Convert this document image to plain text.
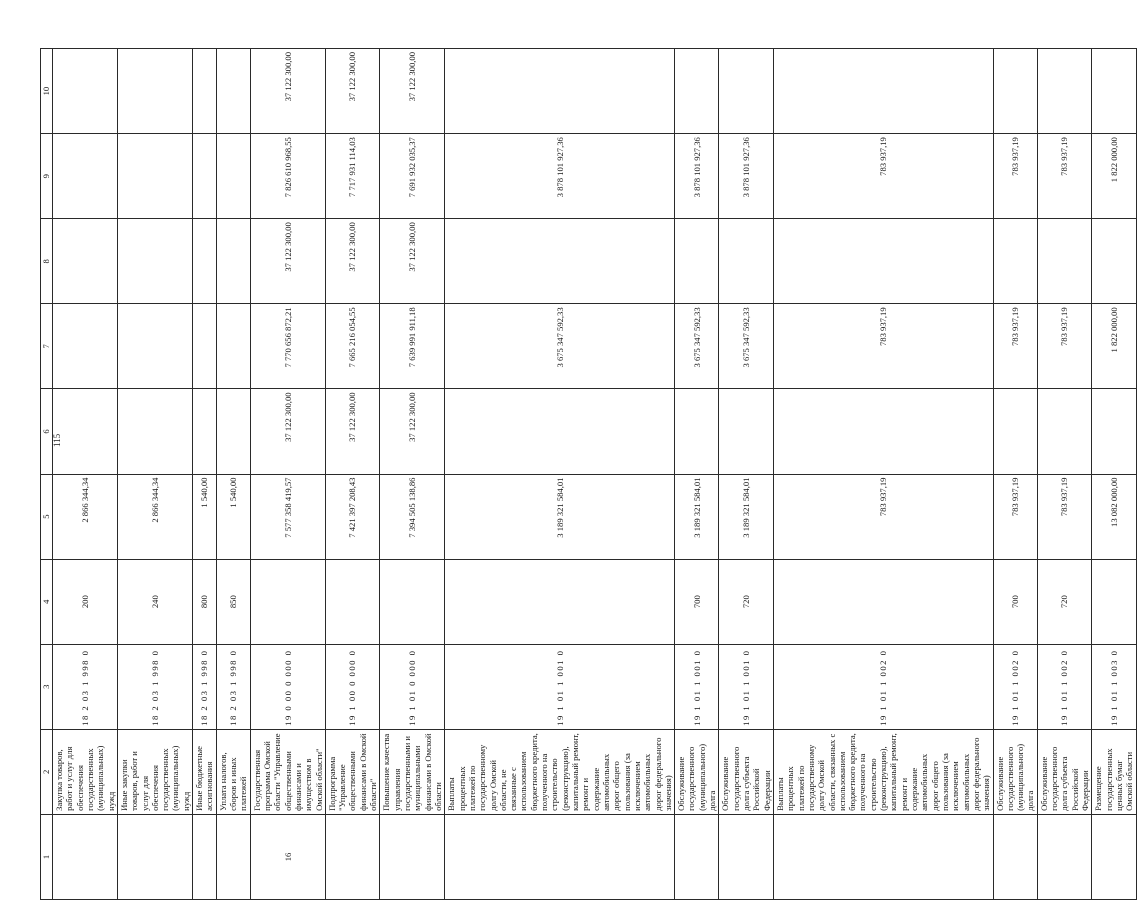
115
1	2	3	4	5	6	7	8	9	10
	Закупка товаров, работ и услуг для обеспечения государственных (муниципальных) нужд	18 2 03 1 998 0	200	2 866 344,34					
	Иные закупки товаров, работ и услуг для обеспечения государственных (муниципальных) нужд	18 2 03 1 998 0	240	2 866 344,34					
	Иные бюджетные ассигнования	18 2 03 1 998 0	800	1 540,00					
	Уплата налогов, сборов и иных платежей	18 2 03 1 998 0	850	1 540,00					
16	Государственная программа Омской области "Управление общественными финансами и имуществом в Омской области"	19 0 00 0 000 0		7 577 358 419,57	37 122 300,00	7 770 656 872,21	37 122 300,00	7 826 610 968,55	37 122 300,00
	Подпрограмма "Управление общественными финансами в Омской области"	19 1 00 0 000 0		7 421 397 208,43	37 122 300,00	7 665 216 054,55	37 122 300,00	7 717 931 114,03	37 122 300,00
	Повышение качества управления государственными и муниципальными финансами в Омской области	19 1 01 0 000 0		7 394 505 138,86	37 122 300,00	7 639 991 911,18	37 122 300,00	7 691 932 035,37	37 122 300,00
	Выплаты процентных платежей по государственному долгу Омской области, не связанные с использованием бюджетного кредита, полученного на строительство (реконструкцию), капитальный ремонт, ремонт и содержание автомобильных дорог общего пользования (за исключением автомобильных дорог федерального значения)	19 1 01 1 001 0		3 189 321 584,01		3 675 347 592,33		3 878 101 927,36	
	Обслуживание государственного (муниципального) долга	19 1 01 1 001 0	700	3 189 321 584,01		3 675 347 592,33		3 878 101 927,36	
	Обслуживание государственного долга субъекта Российской Федерации	19 1 01 1 001 0	720	3 189 321 584,01		3 675 347 592,33		3 878 101 927,36	
	Выплаты процентных платежей по государственному долгу Омской области, связанных с использованием бюджетного кредита, полученного на строительство (реконструкцию), капитальный ремонт, ремонт и содержание автомобильных дорог общего пользования (за исключением автомобильных дорог федерального значения)	19 1 01 1 002 0		783 937,19		783 937,19		783 937,19	
	Обслуживание государственного (муниципального) долга	19 1 01 1 002 0	700	783 937,19		783 937,19		783 937,19	
	Обслуживание государственного долга субъекта Российской Федерации	19 1 01 1 002 0	720	783 937,19		783 937,19		783 937,19	
	Размещение государственных ценных бумаг Омской области	19 1 01 1 003 0		13 082 000,00		1 822 000,00		1 822 000,00	
